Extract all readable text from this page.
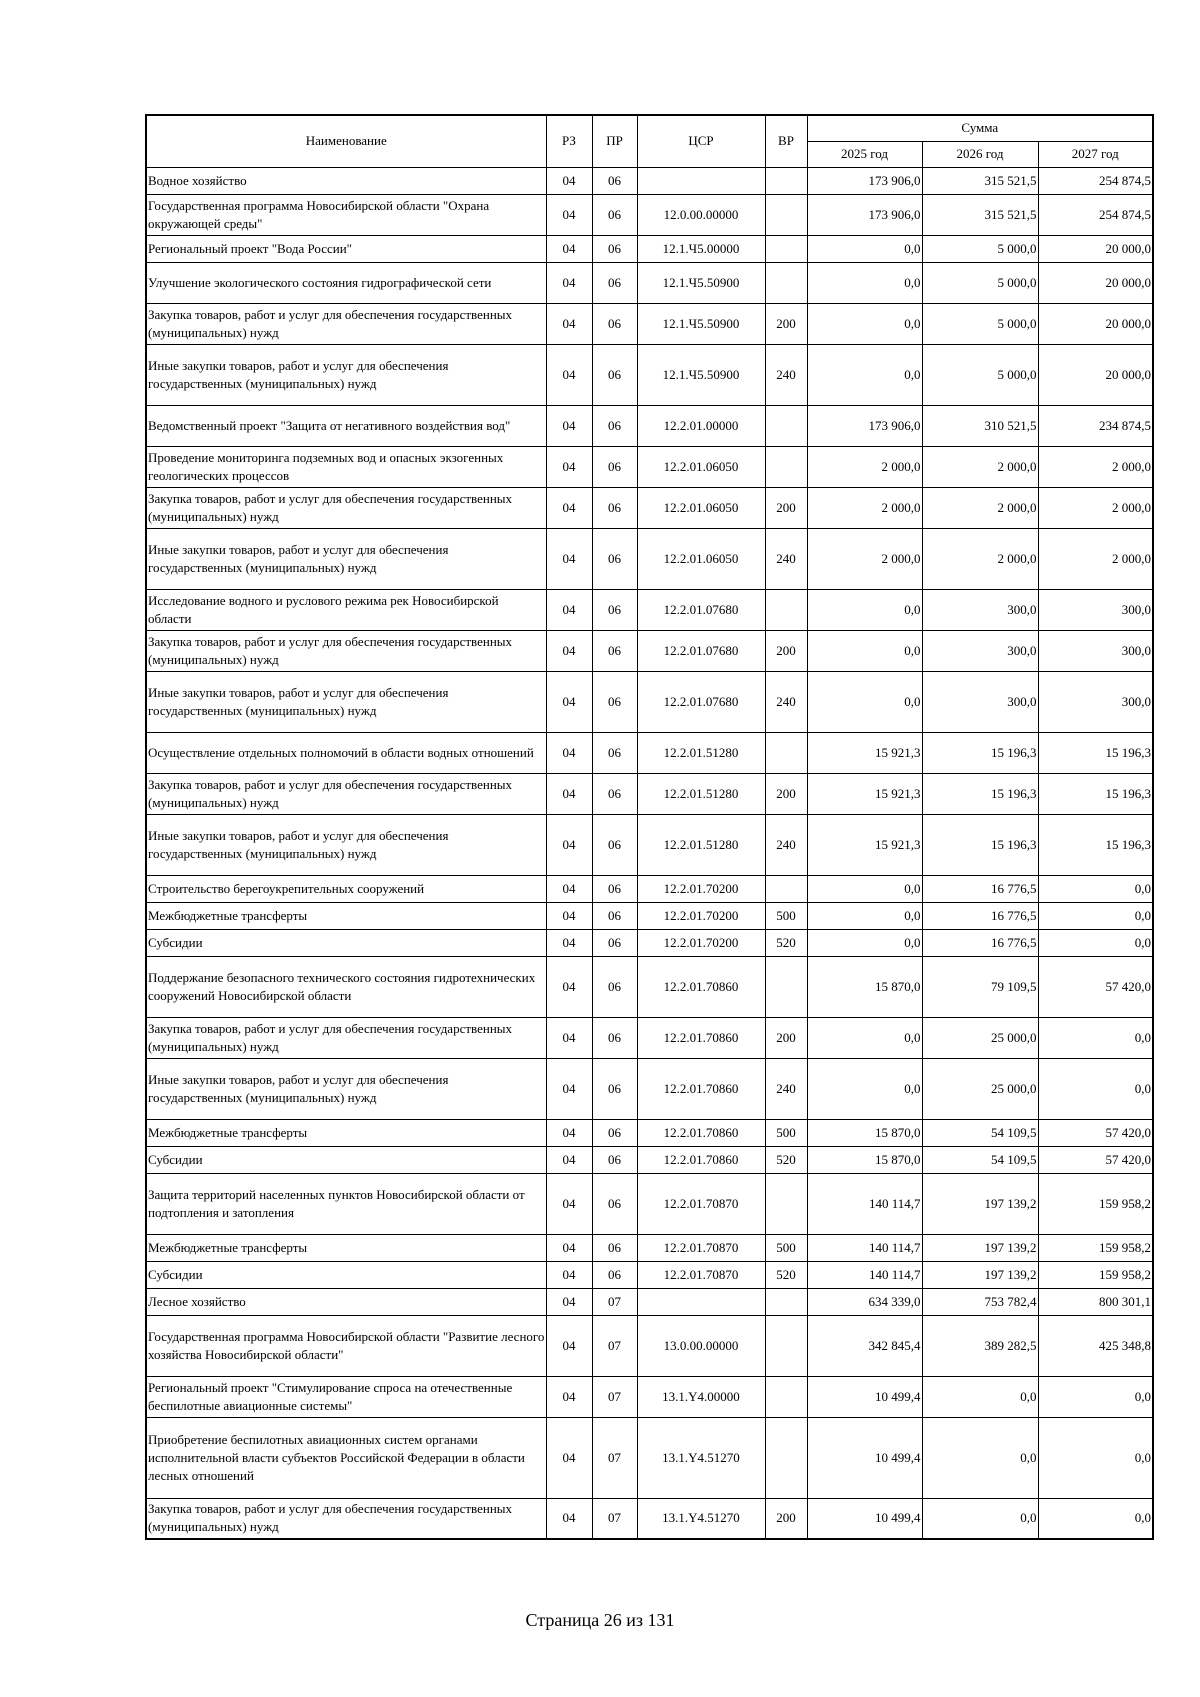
Наименование	РЗ	ПР	ЦСР	ВР	Сумма		
					2025 год	2026 год	2027 год
Водное хозяйство	04	06			173 906,0	315 521,5	254 874,5
Государственная программа Новосибирской области "Охрана окружающей среды"	04	06	12.0.00.00000		173 906,0	315 521,5	254 874,5
Региональный проект "Вода России"	04	06	12.1.Ч5.00000		0,0	5 000,0	20 000,0
Улучшение экологического состояния гидрографической сети	04	06	12.1.Ч5.50900		0,0	5 000,0	20 000,0
Закупка товаров, работ и услуг для обеспечения государственных (муниципальных) нужд	04	06	12.1.Ч5.50900	200	0,0	5 000,0	20 000,0
Иные закупки товаров, работ и услуг для обеспечения государственных (муниципальных) нужд	04	06	12.1.Ч5.50900	240	0,0	5 000,0	20 000,0
Ведомственный проект "Защита от негативного воздействия вод"	04	06	12.2.01.00000		173 906,0	310 521,5	234 874,5
Проведение мониторинга подземных вод и опасных экзогенных геологических процессов	04	06	12.2.01.06050		2 000,0	2 000,0	2 000,0
Закупка товаров, работ и услуг для обеспечения государственных (муниципальных) нужд	04	06	12.2.01.06050	200	2 000,0	2 000,0	2 000,0
Иные закупки товаров, работ и услуг для обеспечения государственных (муниципальных) нужд	04	06	12.2.01.06050	240	2 000,0	2 000,0	2 000,0
Исследование водного и руслового режима рек Новосибирской области	04	06	12.2.01.07680		0,0	300,0	300,0
Закупка товаров, работ и услуг для обеспечения государственных (муниципальных) нужд	04	06	12.2.01.07680	200	0,0	300,0	300,0
Иные закупки товаров, работ и услуг для обеспечения государственных (муниципальных) нужд	04	06	12.2.01.07680	240	0,0	300,0	300,0
Осуществление отдельных полномочий в области водных отношений	04	06	12.2.01.51280		15 921,3	15 196,3	15 196,3
Закупка товаров, работ и услуг для обеспечения государственных (муниципальных) нужд	04	06	12.2.01.51280	200	15 921,3	15 196,3	15 196,3
Иные закупки товаров, работ и услуг для обеспечения государственных (муниципальных) нужд	04	06	12.2.01.51280	240	15 921,3	15 196,3	15 196,3
Строительство берегоукрепительных сооружений	04	06	12.2.01.70200		0,0	16 776,5	0,0
Межбюджетные трансферты	04	06	12.2.01.70200	500	0,0	16 776,5	0,0
Субсидии	04	06	12.2.01.70200	520	0,0	16 776,5	0,0
Поддержание безопасного технического состояния гидротехнических сооружений Новосибирской области	04	06	12.2.01.70860		15 870,0	79 109,5	57 420,0
Закупка товаров, работ и услуг для обеспечения государственных (муниципальных) нужд	04	06	12.2.01.70860	200	0,0	25 000,0	0,0
Иные закупки товаров, работ и услуг для обеспечения государственных (муниципальных) нужд	04	06	12.2.01.70860	240	0,0	25 000,0	0,0
Межбюджетные трансферты	04	06	12.2.01.70860	500	15 870,0	54 109,5	57 420,0
Субсидии	04	06	12.2.01.70860	520	15 870,0	54 109,5	57 420,0
Защита территорий населенных пунктов Новосибирской области от подтопления и затопления	04	06	12.2.01.70870		140 114,7	197 139,2	159 958,2
Межбюджетные трансферты	04	06	12.2.01.70870	500	140 114,7	197 139,2	159 958,2
Субсидии	04	06	12.2.01.70870	520	140 114,7	197 139,2	159 958,2
Лесное хозяйство	04	07			634 339,0	753 782,4	800 301,1
Государственная программа Новосибирской области "Развитие лесного хозяйства Новосибирской области"	04	07	13.0.00.00000		342 845,4	389 282,5	425 348,8
Региональный проект "Стимулирование спроса на отечественные беспилотные авиационные системы"	04	07	13.1.Y4.00000		10 499,4	0,0	0,0
Приобретение беспилотных авиационных систем органами исполнительной власти субъектов Российской Федерации в области лесных отношений	04	07	13.1.Y4.51270		10 499,4	0,0	0,0
Закупка товаров, работ и услуг для обеспечения государственных (муниципальных) нужд	04	07	13.1.Y4.51270	200	10 499,4	0,0	0,0
Страница 26 из 131
